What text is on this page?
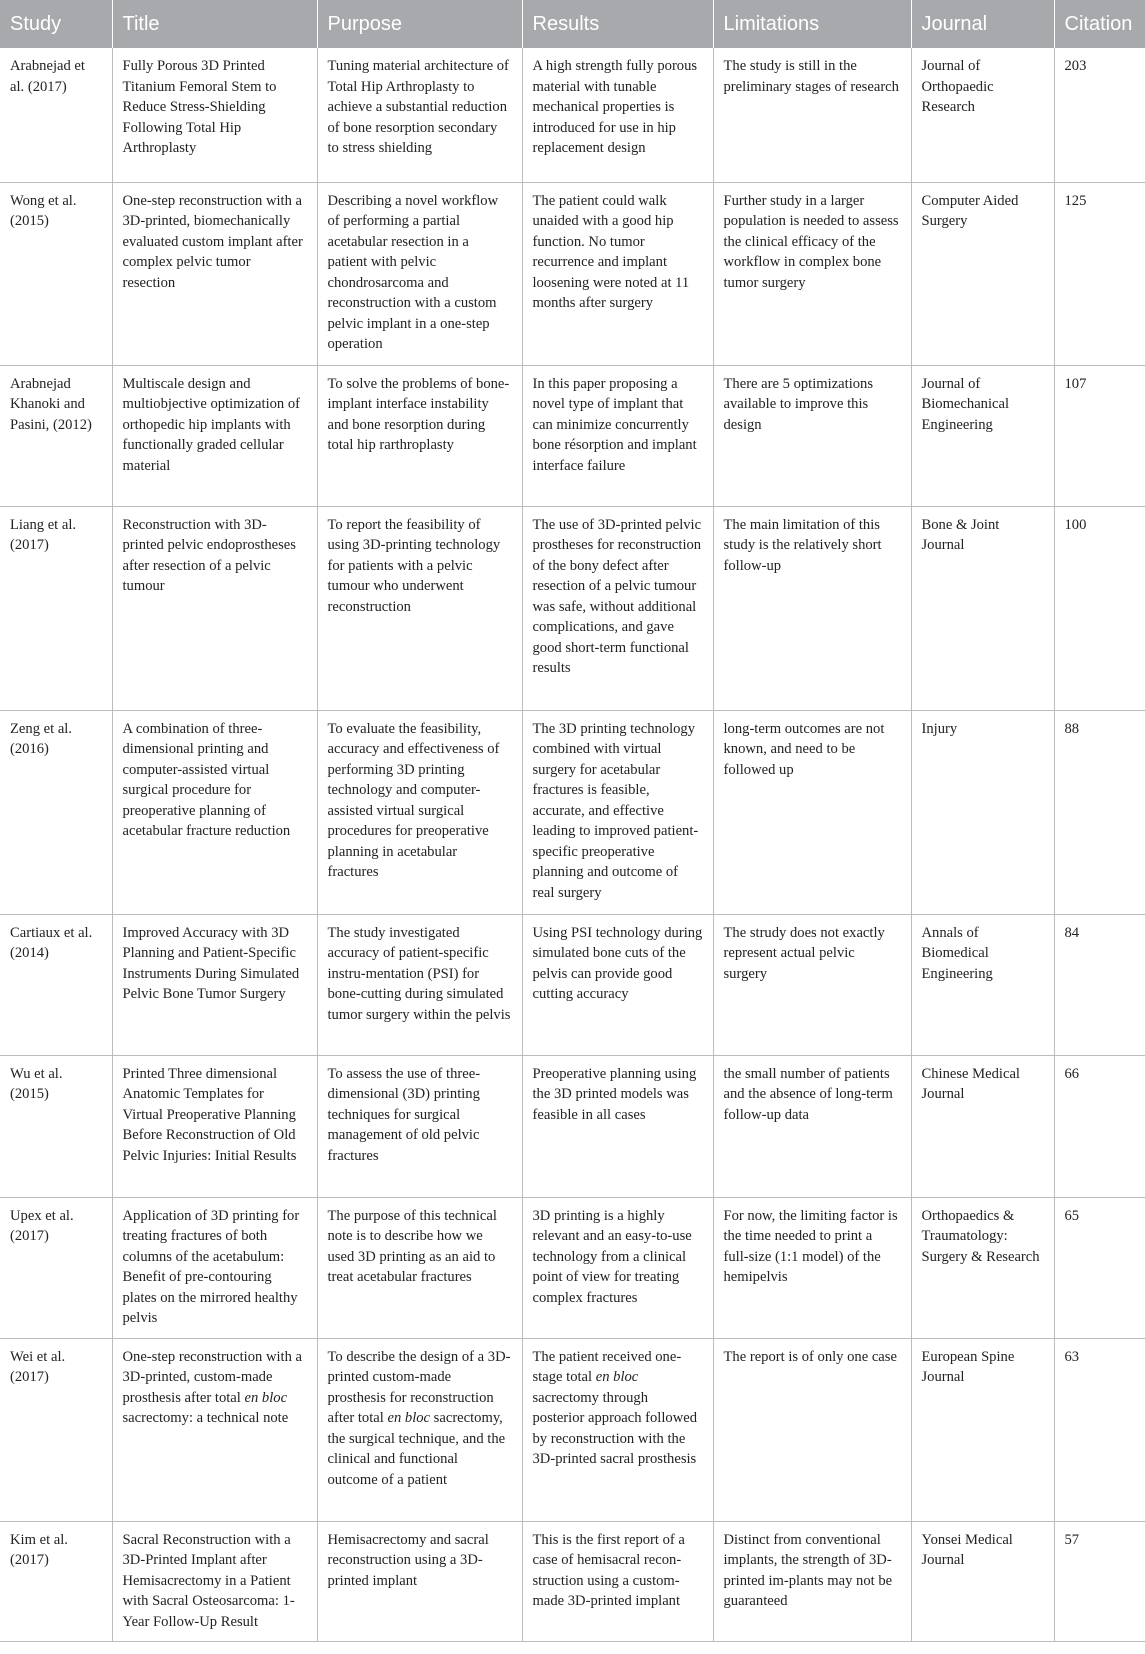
Study	Title	Purpose	Results	Limitations	Journal	Citation
Arabnejad et al. (2017)	Fully Porous 3D Printed Titanium Femoral Stem to Reduce Stress-Shielding Following Total Hip Arthroplasty	Tuning material architecture of Total Hip Arthroplasty to achieve a substantial reduction of bone resorption secondary to stress shielding	A high strength fully porous material with tunable mechanical properties is introduced for use in hip replacement design	The study is still in the preliminary stages of research	Journal of Orthopaedic Research	203
Wong et al. (2015)	One-step reconstruction with a 3D-printed, biomechanically evaluated custom implant after complex pelvic tumor resection	Describing a novel workflow of performing a partial acetabular resection in a patient with pelvic chondrosarcoma and reconstruction with a custom pelvic implant in a one-step operation	The patient could walk unaided with a good hip function. No tumor recurrence and implant loosening were noted at 11 months after surgery	Further study in a larger population is needed to assess the clinical efficacy of the workflow in complex bone tumor surgery	Computer Aided Surgery	125
Arabnejad Khanoki and Pasini, (2012)	Multiscale design and multiobjective optimization of orthopedic hip implants with functionally graded cellular material	To solve the problems of bone-implant interface instability and bone resorption during total hip rarthroplasty	In this paper proposing a novel type of implant that can minimize concurrently bone résorption and implant interface failure	There are 5 optimizations available to improve this design	Journal of Biomechanical Engineering	107
Liang et al. (2017)	Reconstruction with 3D-printed pelvic endoprostheses after resection of a pelvic tumour	To report the feasibility of using 3D-printing technology for patients with a pelvic tumour who underwent reconstruction	The use of 3D-printed pelvic prostheses for reconstruction of the bony defect after resection of a pelvic tumour was safe, without additional complications, and gave good short-term functional results	The main limitation of this study is the relatively short follow-up	Bone & Joint Journal	100
Zeng et al. (2016)	A combination of three-dimensional printing and computer-assisted virtual surgical procedure for preoperative planning of acetabular fracture reduction	To evaluate the feasibility, accuracy and effectiveness of performing 3D printing technology and computer-assisted virtual surgical procedures for preoperative planning in acetabular fractures	The 3D printing technology combined with virtual surgery for acetabular fractures is feasible, accurate, and effective leading to improved patient-specific preoperative planning and outcome of real surgery	long-term outcomes are not known, and need to be followed up	Injury	88
Cartiaux et al. (2014)	Improved Accuracy with 3D Planning and Patient-Specific Instruments During Simulated Pelvic Bone Tumor Surgery	The study investigated accuracy of patient-specific instru-mentation (PSI) for bone-cutting during simulated tumor surgery within the pelvis	Using PSI technology during simulated bone cuts of the pelvis can provide good cutting accuracy	The strudy does not exactly represent actual pelvic surgery	Annals of Biomedical Engineering	84
Wu et al. (2015)	Printed Three dimensional Anatomic Templates for Virtual Preoperative Planning Before Reconstruction of Old Pelvic Injuries: Initial Results	To assess the use of three-dimensional (3D) printing techniques for surgical management of old pelvic fractures	Preoperative planning using the 3D printed models was feasible in all cases	the small number of patients and the absence of long-term follow-up data	Chinese Medical Journal	66
Upex et al. (2017)	Application of 3D printing for treating fractures of both columns of the acetabulum: Benefit of pre-contouring plates on the mirrored healthy pelvis	The purpose of this technical note is to describe how we used 3D printing as an aid to treat acetabular fractures	3D printing is a highly relevant and an easy-to-use technology from a clinical point of view for treating complex fractures	For now, the limiting factor is the time needed to print a full-size (1:1 model) of the hemipelvis	Orthopaedics & Traumatology: Surgery & Research	65
Wei et al. (2017)	One-step reconstruction with a 3D-printed, custom-made prosthesis after total en bloc sacrectomy: a technical note	To describe the design of a 3D-printed custom-made prosthesis for reconstruction after total en bloc sacrectomy, the surgical technique, and the clinical and functional outcome of a patient	The patient received one-stage total en bloc sacrectomy through posterior approach followed by reconstruction with the 3D-printed sacral prosthesis	The report is of only one case	European Spine Journal	63
Kim et al. (2017)	Sacral Reconstruction with a 3D-Printed Implant after Hemisacrectomy in a Patient with Sacral Osteosarcoma: 1-Year Follow-Up Result	Hemisacrectomy and sacral reconstruction using a 3D-printed implant	This is the first report of a case of hemisacral recon-struction using a custom-made 3D-printed implant	Distinct from conventional implants, the strength of 3D-printed im-plants may not be guaranteed	Yonsei Medical Journal	57
